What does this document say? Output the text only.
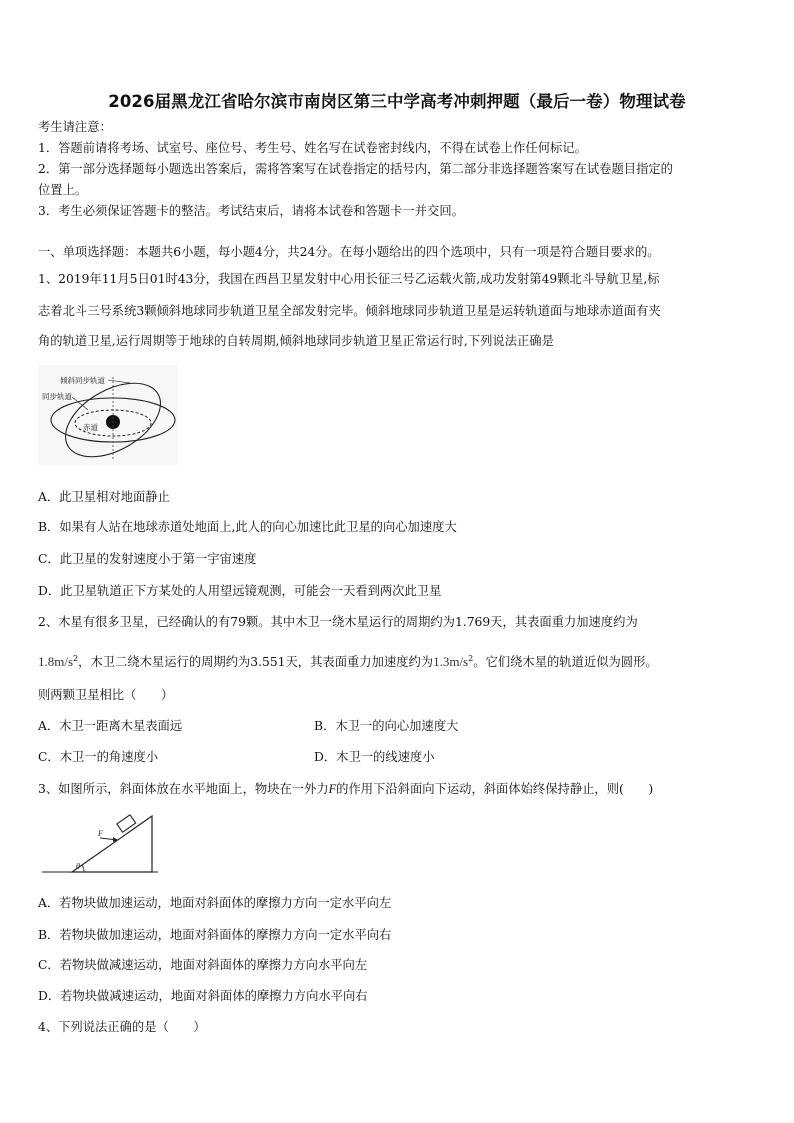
2026届黑龙江省哈尔滨市南岗区第三中学高考冲刺押题（最后一卷）物理试卷
考生请注意：
1．答题前请将考场、试室号、座位号、考生号、姓名写在试卷密封线内，不得在试卷上作任何标记。
2．第一部分选择题每小题选出答案后，需将答案写在试卷指定的括号内，第二部分非选择题答案写在试卷题目指定的
位置上。
3．考生必须保证答题卡的整洁。考试结束后，请将本试卷和答题卡一并交回。
一、单项选择题：本题共6小题，每小题4分，共24分。在每小题给出的四个选项中，只有一项是符合题目要求的。
1、2019年11月5日01时43分，我国在西昌卫星发射中心用长征三号乙运载火箭,成功发射第49颗北斗导航卫星,标
志着北斗三号系统3颗倾斜地球同步轨道卫星全部发射完毕。倾斜地球同步轨道卫星是运转轨道面与地球赤道面有夹
角的轨道卫星,运行周期等于地球的自转周期,倾斜地球同步轨道卫星正常运行时,下列说法正确是
倾斜同步轨道
同步轨道
赤道
A．此卫星相对地面静止
B．如果有人站在地球赤道处地面上,此人的向心加速比此卫星的向心加速度大
C．此卫星的发射速度小于第一宇宙速度
D．此卫星轨道正下方某处的人用望远镜观测，可能会一天看到两次此卫星
2、木星有很多卫星，已经确认的有79颗。其中木卫一绕木星运行的周期约为1.769天，其表面重力加速度约为
$1.8m/s^2$，木卫二绕木星运行的周期约为3.551天，其表面重力加速度约为$1.3m/s^2$。它们绕木星的轨道近似为圆形。
则两颗卫星相比（　　）
A．木卫一距离木星表面远	B．木卫一的向心加速度大
C．木卫一的角速度小	D．木卫一的线速度小
3、如图所示，斜面体放在水平地面上，物块在一外力F的作用下沿斜面向下运动，斜面体始终保持静止，则(　　)
F
θ
A．若物块做加速运动，地面对斜面体的摩擦力方向一定水平向左
B．若物块做加速运动，地面对斜面体的摩擦力方向一定水平向右
C．若物块做减速运动，地面对斜面体的摩擦力方向水平向左
D．若物块做减速运动，地面对斜面体的摩擦力方向水平向右
4、下列说法正确的是（　　）
